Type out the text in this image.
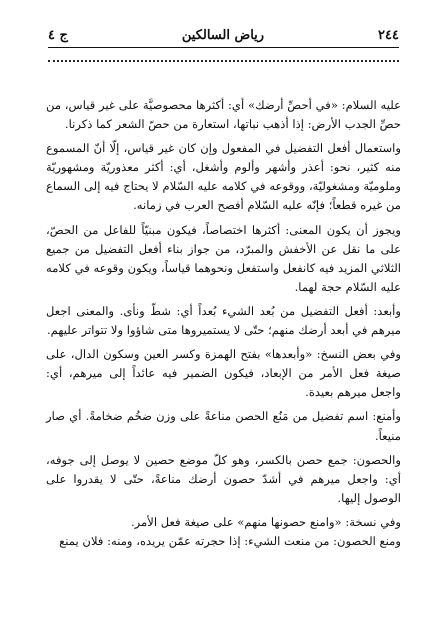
٢٤٤
رياض السالكين
ج ٤

عليه السلام: «في أحصِّ أرضك» أي: أكثرها محصوصيَّة على غير قياس، من حصِّ الجدب الأرض: إذا أذهب نباتها، استعارة من حصّ الشعر كما ذكرنا.

واستعمال أفعل التفضيل في المفعول وإن كان غير قياس، إلّا أنّ المسموع منه كثير، نحو: أعذر وأشهر وألوم وأشغل، أي: أكثر معذوريّة ومشهوريّة وملوميّة ومشغوليّة، ووقوعه في كلامه عليه السّلام لا يحتاج فيه إلى السماع من غيره قطعاً؛ فإنّه عليه السّلام أفصح العرب في زمانه.

ويجوز أن يكون المعنى: أكثرها اختصاصاً، فيكون مبنيّاً للفاعل من الحصّ، على ما نقل عن الأخفش والمبرّد، من جواز بناء أفعل التفضيل من جميع الثلاثي المزيد فيه كانفعل واستفعل ونحوهما قياساً، ويكون وقوعه في كلامه عليه السّلام حجة لهما.

وأبعد: أفعل التفضيل من بُعد الشيء بُعداً أي: شطّ ونأى. والمعنى اجعل ميرهم في أبعد أرضك منهم؛ حتّى لا يستميروها متى شاؤوا ولا تتواتر عليهم.

وفي بعض النسخ: «وأبعدها» بفتح الهمزة وكسر العين وسكون الدال، على صيغة فعل الأمر من الإبعاد، فيكون الضمير فيه عائداً إلى ميرهم، أي: واجعل ميرهم بعيدة.

وأمنع: اسم تفضيل من مَنُع الحصن مناعةً على وزن ضخُم ضخامةً. أي صار منيعاً.

والحصون: جمع حصن بالكسر، وهو كلّ موضع حصين لا يوصل إلى جوفه، أي: واجعل ميرهم في أشدّ حصون أرضك مناعةً، حتّى لا يقدروا على الوصول إليها.

وفي نسخة: «وامنع حصونها منهم» على صيغة فعل الأمر.

ومنع الحصون: من منعت الشيء: إذا حجرته عمّن يريده، ومنه: فلان يمنع
